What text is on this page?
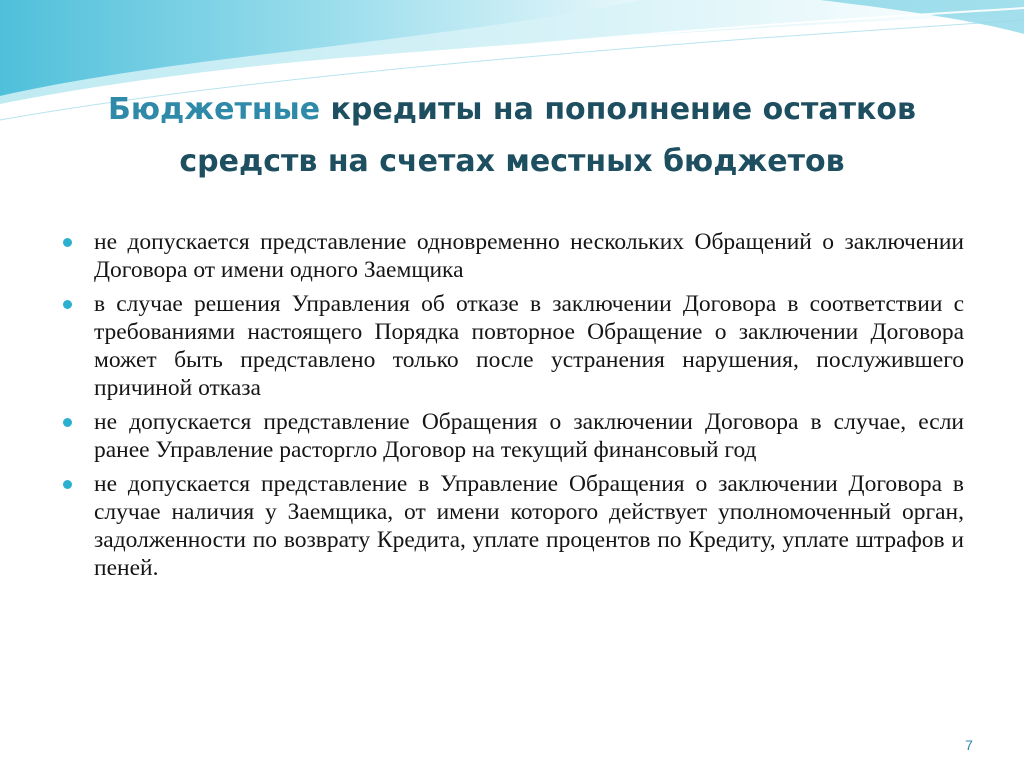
Бюджетные кредиты на пополнение остатков
средств на счетах местных бюджетов
не допускается представление одновременно нескольких Обращений о заключении Договора от имени одного Заемщика
в случае решения Управления об отказе в заключении Договора в соответствии с требованиями настоящего Порядка повторное Обращение о заключении Договора может быть представлено только после устранения нарушения, послужившего причиной отказа
не допускается представление Обращения о заключении Договора в случае, если ранее Управление расторгло Договор на текущий финансовый год
не допускается представление в Управление Обращения о заключении Договора в случае наличия у Заемщика, от имени которого действует уполномоченный орган, задолженности по возврату Кредита, уплате процентов по Кредиту, уплате штрафов и пеней.
7
